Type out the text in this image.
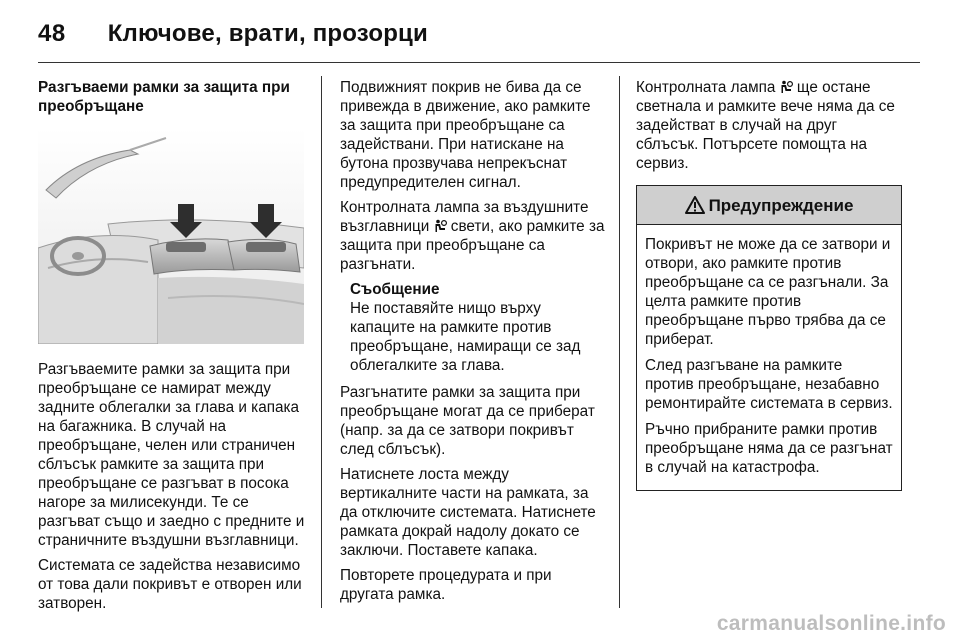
48 Ключове, врати, прозорци

Разгъваеми рамки за защита при преобръщане

Разгъваемите рамки за защита при преобръщане се намират между задните облегалки за глава и капака на багажника. В случай на преобръщане, челен или страничен сблъсък рамките за защита при преобръщане се разгъват в посока нагоре за милисекунди. Те се разгъват също и заедно с предните и страничните въздушни възглавници.

Системата се задейства независимо от това дали покривът е отворен или затворен.

Подвижният покрив не бива да се привежда в движение, ако рамките за защита при преобръщане са задействани. При натискане на бутона прозвучава непрекъснат предупредителен сигнал.

Контролната лампа за въздушните възглавници  свети, ако рамките за защита при преобръщане са разгънати.

Съобщение
Не поставяйте нищо върху капаците на рамките против преобръщане, намиращи се зад облегалките за глава.

Разгънатите рамки за защита при преобръщане могат да се приберат (напр. за да се затвори покривът след сблъсък).

Натиснете лоста между вертикалните части на рамката, за да отключите системата. Натиснете рамката докрай надолу докато се заключи. Поставете капака.

Повторете процедурата и при другата рамка.

Контролната лампа  ще остане светнала и рамките вече няма да се задействат в случай на друг сблъсък. Потърсете помощта на сервиз.

Предупреждение

Покривът не може да се затвори и отвори, ако рамките против преобръщане са се разгънали. За целта рамките против преобръщане първо трябва да се приберат.

След разгъване на рамките против преобръщане, незабавно ремонтирайте системата в сервиз.

Ръчно прибраните рамки против преобръщане няма да се разгънат в случай на катастрофа.

carmanualsonline.info
